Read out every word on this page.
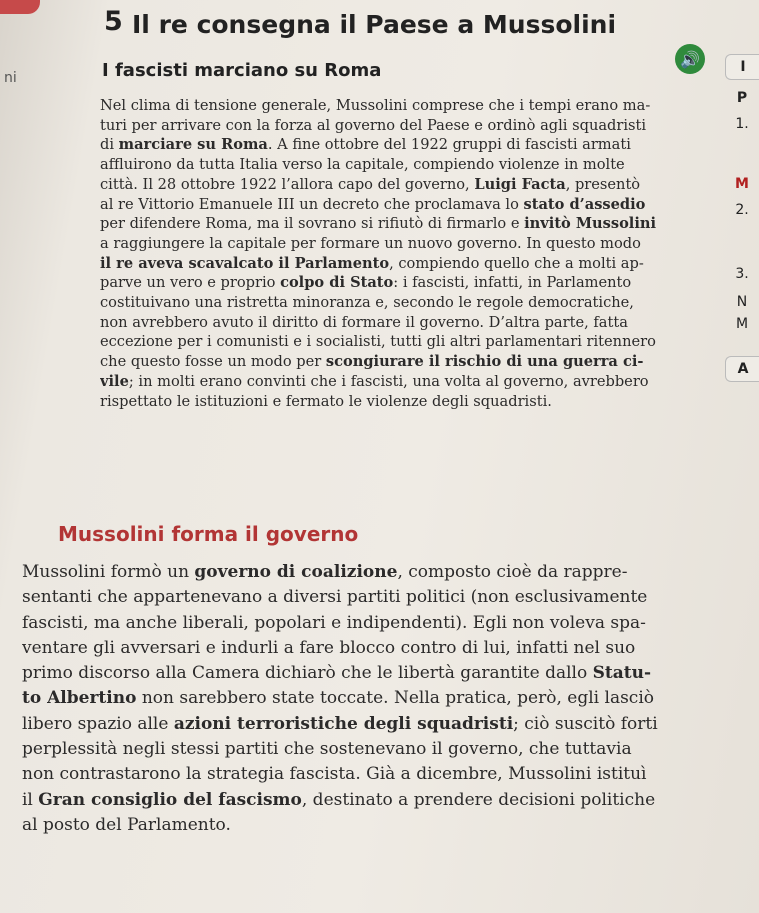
ni
5 Il re consegna il Paese a Mussolini
🔊	I
P
1.
M
2.
3.
N
M
A
I fascisti marciano su Roma
Nel clima di tensione generale, Mussolini comprese che i tempi erano ma-
turi per arrivare con la forza al governo del Paese e ordinò agli squadristi
di marciare su Roma. A fine ottobre del 1922 gruppi di fascisti armati
affluirono da tutta Italia verso la capitale, compiendo violenze in molte
città. Il 28 ottobre 1922 l’allora capo del governo, Luigi Facta, presentò
al re Vittorio Emanuele III un decreto che proclamava lo stato d’assedio
per difendere Roma, ma il sovrano si rifiutò di firmarlo e invitò Mussolini
a raggiungere la capitale per formare un nuovo governo. In questo modo
il re aveva scavalcato il Parlamento, compiendo quello che a molti ap-
parve un vero e proprio colpo di Stato: i fascisti, infatti, in Parlamento
costituivano una ristretta minoranza e, secondo le regole democratiche,
non avrebbero avuto il diritto di formare il governo. D’altra parte, fatta
eccezione per i comunisti e i socialisti, tutti gli altri parlamentari ritennero
che questo fosse un modo per scongiurare il rischio di una guerra ci-
vile; in molti erano convinti che i fascisti, una volta al governo, avrebbero
rispettato le istituzioni e fermato le violenze degli squadristi.
Mussolini forma il governo
Mussolini formò un governo di coalizione, composto cioè da rappre-
sentanti che appartenevano a diversi partiti politici (non esclusivamente
fascisti, ma anche liberali, popolari e indipendenti). Egli non voleva spa-
ventare gli avversari e indurli a fare blocco contro di lui, infatti nel suo
primo discorso alla Camera dichiarò che le libertà garantite dallo Statu-
to Albertino non sarebbero state toccate. Nella pratica, però, egli lasciò
libero spazio alle azioni terroristiche degli squadristi; ciò suscitò forti
perplessità negli stessi partiti che sostenevano il governo, che tuttavia
non contrastarono la strategia fascista. Già a dicembre, Mussolini istituì
il Gran consiglio del fascismo, destinato a prendere decisioni politiche
al posto del Parlamento.
